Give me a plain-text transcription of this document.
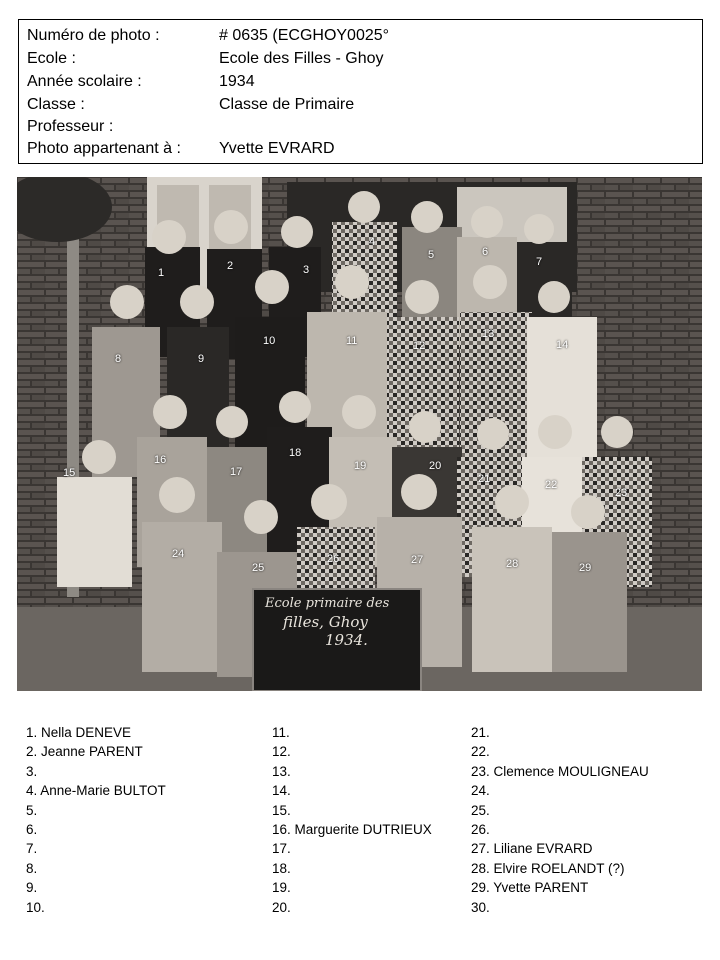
Numéro de photo :	# 0635 (ECGHOY0025°
Ecole :	Ecole des Filles - Ghoy
Année scolaire :	1934
Classe :	Classe de Primaire
Professeur :
Photo appartenant à : Yvette EVRARD
Ecole primaire des
filles, Ghoy
1934.
1
2	3
4
5	6
7
8	9
10	11	12
13
14
15
16
17
18
19	20
21	22
23
24
25
26	27	28	29
1. Nella DENEVE
2. Jeanne PARENT
3.
4. Anne-Marie BULTOT
5.
6.
7.
8.
9.
10.
11.
12.
13.
14.
15.
16. Marguerite DUTRIEUX
17.
18.
19.
20.
21.
22.
23. Clemence MOULIGNEAU
24.
25.
26.
27. Liliane EVRARD
28. Elvire ROELANDT (?)
29. Yvette PARENT
30.
